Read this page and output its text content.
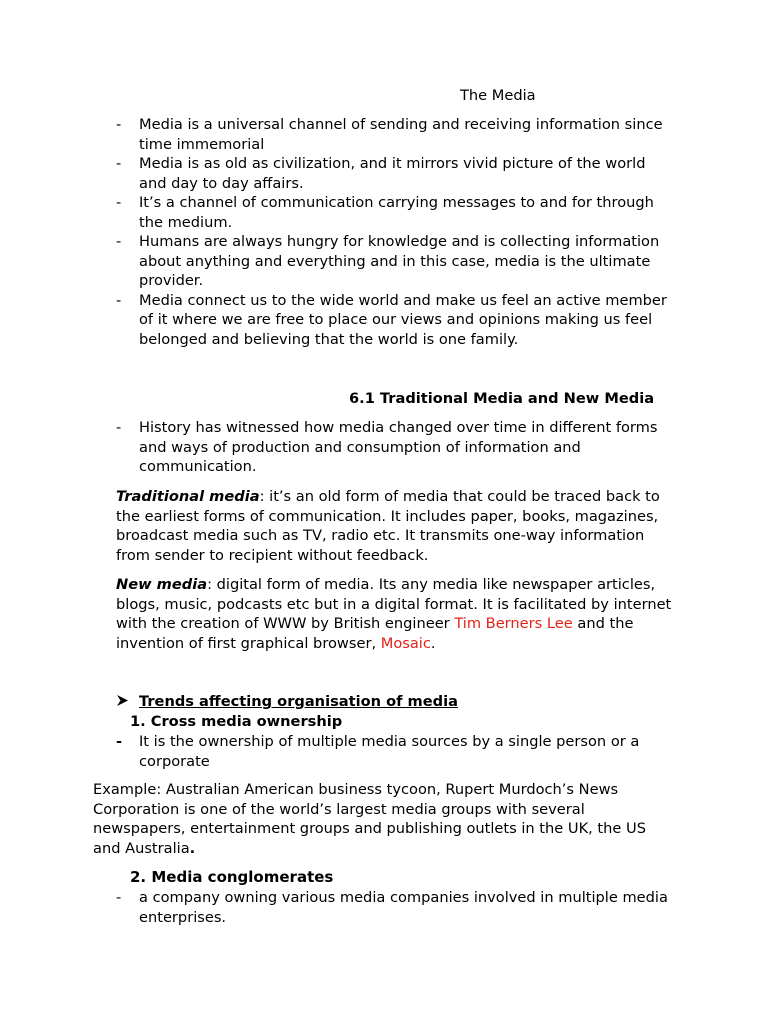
The Media
- Media is a universal channel of sending and receiving information since time immemorial
- Media is as old as civilization, and it mirrors vivid picture of the world and day to day affairs.
- It’s a channel of communication carrying messages to and for through the medium.
- Humans are always hungry for knowledge and is collecting information about anything and everything and in this case, media is the ultimate provider.
- Media connect us to the wide world and make us feel an active member of it where we are free to place our views and opinions making us feel belonged and believing that the world is one family.
6.1 Traditional Media and New Media
- History has witnessed how media changed over time in different forms and ways of production and consumption of information and communication.

Traditional media: it’s an old form of media that could be traced back to the earliest forms of communication. It includes paper, books, magazines, broadcast media such as TV, radio etc. It transmits one-way information from sender to recipient without feedback.

New media: digital form of media. Its any media like newspaper articles, blogs, music, podcasts etc but in a digital format. It is facilitated by internet with the creation of WWW by British engineer Tim Berners Lee and the invention of first graphical browser, Mosaic.

Trends affecting organisation of media
1. Cross media ownership
- It is the ownership of multiple media sources by a single person or a corporate

Example: Australian American business tycoon, Rupert Murdoch’s News Corporation is one of the world’s largest media groups with several newspapers, entertainment groups and publishing outlets in the UK, the US and Australia.

2. Media conglomerates
- a company owning various media companies involved in multiple media enterprises.
